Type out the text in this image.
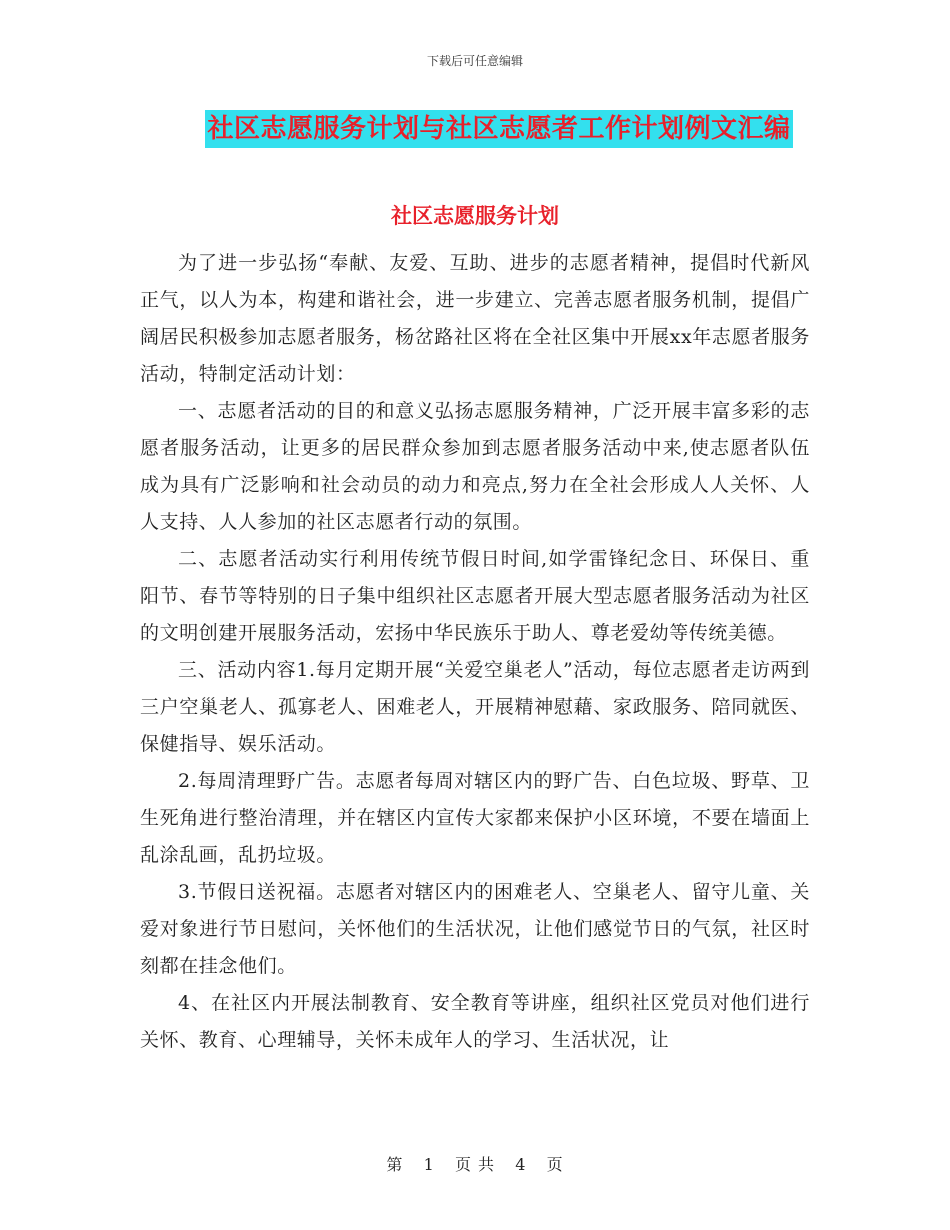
下载后可任意编辑
社区志愿服务计划与社区志愿者工作计划例文汇编
社区志愿服务计划

为了进一步弘扬“奉献、友爱、互助、进步的志愿者精神，提倡时代新风正气，以人为本，构建和谐社会，进一步建立、完善志愿者服务机制，提倡广阔居民积极参加志愿者服务，杨岔路社区将在全社区集中开展xx年志愿者服务活动，特制定活动计划：

一、志愿者活动的目的和意义弘扬志愿服务精神，广泛开展丰富多彩的志愿者服务活动，让更多的居民群众参加到志愿者服务活动中来,使志愿者队伍成为具有广泛影响和社会动员的动力和亮点,努力在全社会形成人人关怀、人人支持、人人参加的社区志愿者行动的氛围。

二、志愿者活动实行利用传统节假日时间,如学雷锋纪念日、环保日、重阳节、春节等特别的日子集中组织社区志愿者开展大型志愿者服务活动为社区的文明创建开展服务活动，宏扬中华民族乐于助人、尊老爱幼等传统美德。

三、活动内容1.每月定期开展“关爱空巢老人”活动，每位志愿者走访两到三户空巢老人、孤寡老人、困难老人，开展精神慰藉、家政服务、陪同就医、保健指导、娱乐活动。

2.每周清理野广告。志愿者每周对辖区内的野广告、白色垃圾、野草、卫生死角进行整治清理，并在辖区内宣传大家都来保护小区环境，不要在墙面上乱涂乱画，乱扔垃圾。

3.节假日送祝福。志愿者对辖区内的困难老人、空巢老人、留守儿童、关爱对象进行节日慰问，关怀他们的生活状况，让他们感觉节日的气氛，社区时刻都在挂念他们。

4、在社区内开展法制教育、安全教育等讲座，组织社区党员对他们进行关怀、教育、心理辅导，关怀未成年人的学习、生活状况，让

第 1 页 共 4 页
